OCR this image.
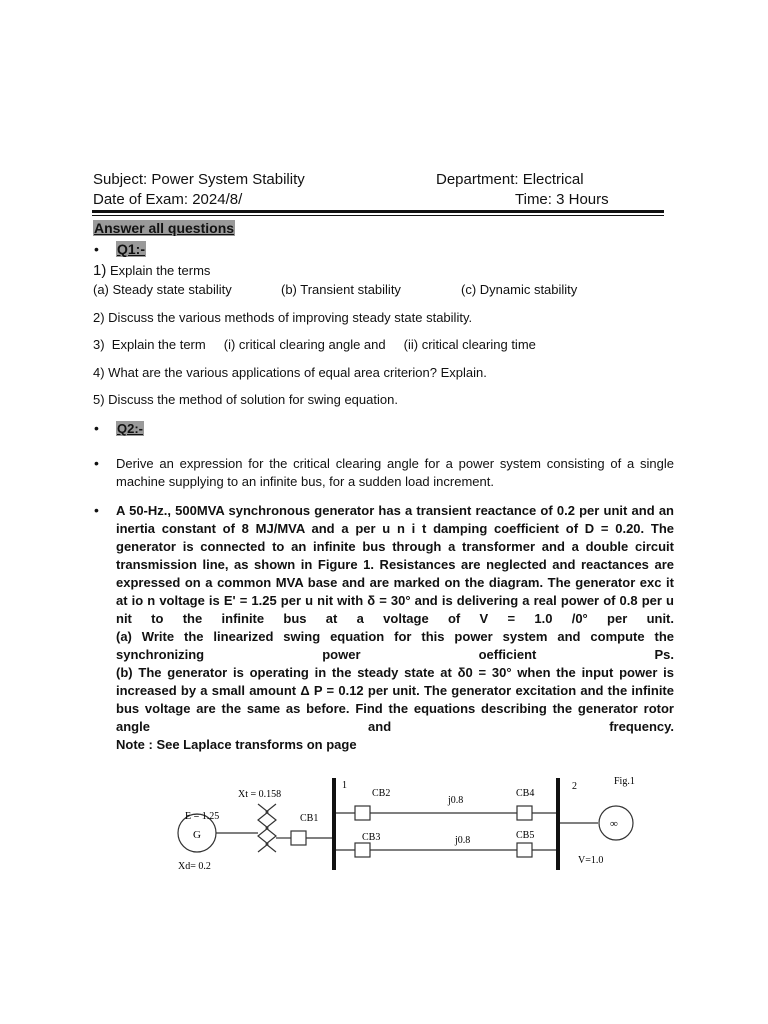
Subject: Power System Stability	Department: Electrical
Date of Exam: 2024/8/	Time: 3 Hours
Answer all questions
• Q1:-
1) Explain the terms
(a) Steady state stability	(b) Transient stability	(c) Dynamic stability
2) Discuss the various methods of improving steady state stability.
3)  Explain the term     (i) critical clearing angle and     (ii) critical clearing time
4) What are the various applications of equal area criterion? Explain.
5) Discuss the method of solution for swing equation.
• Q2:-
• Derive an expression for the critical clearing angle for a power system consisting of a single machine supplying to an infinite bus, for a sudden load increment.
• A 50-Hz., 500MVA synchronous generator has a transient reactance of 0.2 per unit and an inertia constant of 8 MJ/MVA and a per u n i t damping coefficient of D = 0.20. The generator is connected to an infinite bus through a transformer and a double circuit transmission line, as shown in Figure 1. Resistances are neglected and reactances are expressed on a common MVA base and are marked on the diagram. The generator exc it at io n voltage is E' = 1.25 per u nit with δ = 30° and is delivering a real power of 0.8 per u nit to the infinite bus at a voltage of V = 1.0 /0° per unit.

(a) Write the linearized swing equation for this power system and compute the synchronizing power oefficient Ps.

(b) The generator is operating in the steady state at δ0 = 30° when the input power is increased by a small amount Δ P = 0.12 per unit. The generator excitation and the infinite bus voltage are the same as before. Find the equations describing the generator rotor angle and frequency.

Note : See Laplace transforms on page

G
E = 1.25
Xd= 0.2
Xt = 0.158
CB1
1
CB2
j0.8
CB4
CB3	j0.8	CB5
2
∞
Fig.1
V=1.0
